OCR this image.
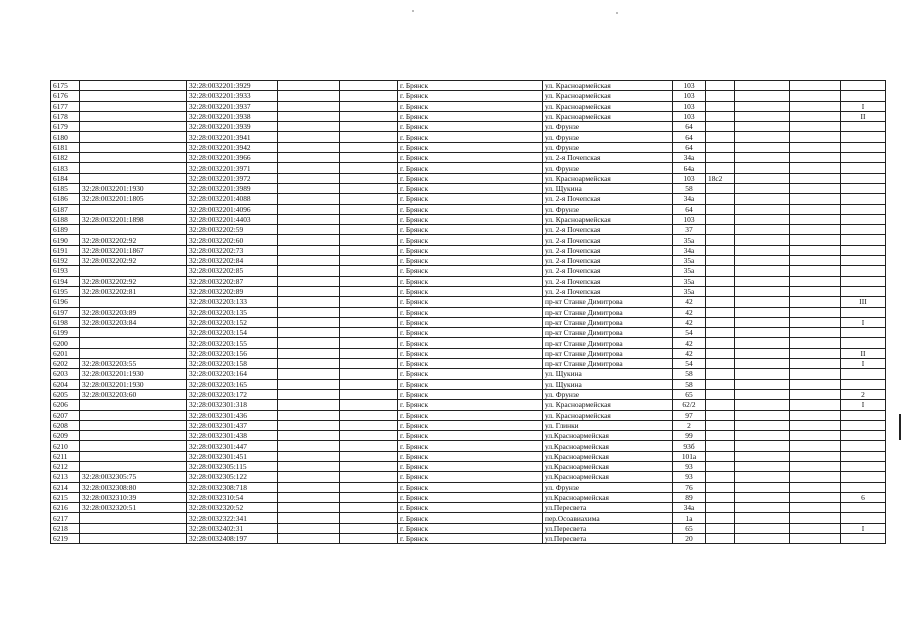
6175		32:28:0032201:3929			г. Брянск	ул. Красноармейская	103				
6176		32:28:0032201:3933			г. Брянск	ул. Красноармейская	103				
6177		32:28:0032201:3937			г. Брянск	ул. Красноармейская	103				I
6178		32:28:0032201:3938			г. Брянск	ул. Красноармейская	103				II
6179		32:28:0032201:3939			г. Брянск	ул. Фрунзе	64				
6180		32:28:0032201:3941			г. Брянск	ул. Фрунзе	64				
6181		32:28:0032201:3942			г. Брянск	ул. Фрунзе	64				
6182		32:28:0032201:3966			г. Брянск	ул. 2-я Почепская	34а				
6183		32:28:0032201:3971			г. Брянск	ул. Фрунзе	64а				
6184		32:28:0032201:3972			г. Брянск	ул. Красноармейская	103	18с2			
6185	32:28:0032201:1930	32:28:0032201:3989			г. Брянск	ул. Щукина	58				
6186	32:28:0032201:1805	32:28:0032201:4088			г. Брянск	ул. 2-я Почепская	34а				
6187		32:28:0032201:4096			г. Брянск	ул. Фрунзе	64				
6188	32:28:0032201:1898	32:28:0032201:4403			г. Брянск	ул. Красноармейская	103				
6189		32:28:0032202:59			г. Брянск	ул. 2-я Почепская	37				
6190	32:28:0032202:92	32:28:0032202:60			г. Брянск	ул. 2-я Почепская	35а				
6191	32:28:0032201:1867	32:28:0032202:73			г. Брянск	ул. 2-я Почепская	34а				
6192	32:28:0032202:92	32:28:0032202:84			г. Брянск	ул. 2-я Почепская	35а				
6193		32:28:0032202:85			г. Брянск	ул. 2-я Почепская	35а				
6194	32:28:0032202:92	32:28:0032202:87			г. Брянск	ул. 2-я Почепская	35а				
6195	32:28:0032202:81	32:28:0032202:89			г. Брянск	ул. 2-я Почепская	35а				
6196		32:28:0032203:133			г. Брянск	пр-кт Станке Димитрова	42				III
6197	32:28:0032203:89	32:28:0032203:135			г. Брянск	пр-кт Станке Димитрова	42				
6198	32:28:0032203:84	32:28:0032203:152			г. Брянск	пр-кт Станке Димитрова	42				I
6199		32:28:0032203:154			г. Брянск	пр-кт Станке Димитрова	54				
6200		32:28:0032203:155			г. Брянск	пр-кт Станке Димитрова	42				
6201		32:28:0032203:156			г. Брянск	пр-кт Станке Димитрова	42				II
6202	32:28:0032203:55	32:28:0032203:158			г. Брянск	пр-кт Станке Димитрова	54				I
6203	32:28:0032201:1930	32:28:0032203:164			г. Брянск	ул. Щукина	58				
6204	32:28:0032201:1930	32:28:0032203:165			г. Брянск	ул. Щукина	58				
6205	32:28:0032203:60	32:28:0032203:172			г. Брянск	ул. Фрунзе	65				2
6206		32:28:0032301:318			г. Брянск	ул. Красноармейская	62/2				I
6207		32:28:0032301:436			г. Брянск	ул. Красноармейская	97				
6208		32:28:0032301:437			г. Брянск	ул. Глинки	2				
6209		32:28:0032301:438			г. Брянск	ул.Красноармейская	99				
6210		32:28:0032301:447			г. Брянск	ул.Красноармейская	93б				
6211		32:28:0032301:451			г. Брянск	ул.Красноармейская	101а				
6212		32:28:0032305:115			г. Брянск	ул.Красноармейская	93				
6213	32:28:0032305:75	32:28:0032305:122			г. Брянск	ул.Красноармейская	93				
6214	32:28:0032308:80	32:28:0032308:718			г. Брянск	ул. Фрунзе	76				
6215	32:28:0032310:39	32:28:0032310:54			г. Брянск	ул.Красноармейская	89				6
6216	32:28:0032320:51	32:28:0032320:52			г. Брянск	ул.Пересвета	34а				
6217		32:28:0032322:341			г. Брянск	пер.Осоавиахима	1а				
6218		32:28:0032402:31			г. Брянск	ул.Пересвета	65				I
6219		32:28:0032408:197			г. Брянск	ул.Пересвета	20				
